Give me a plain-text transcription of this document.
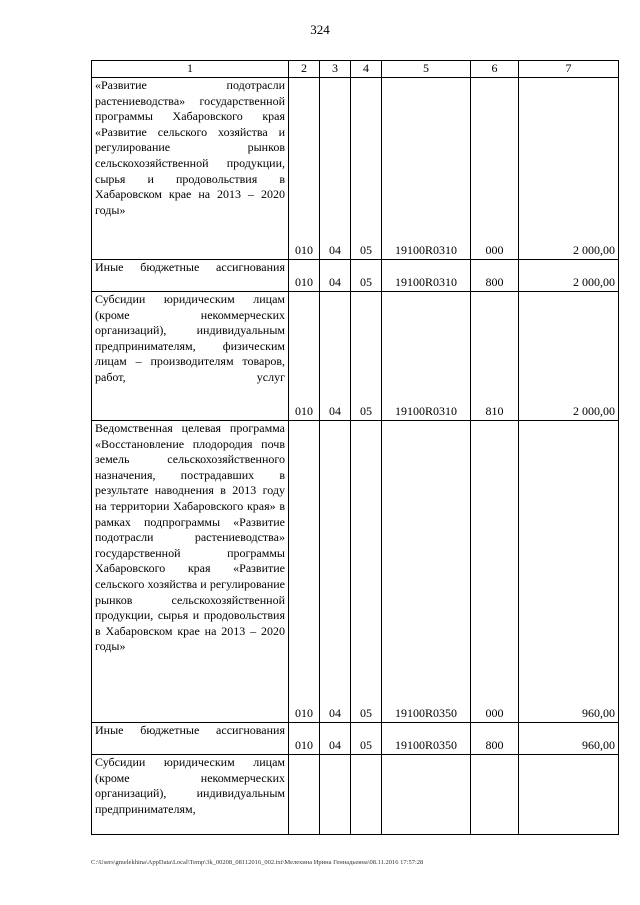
324
1	2	3	4	5	6	7
«Развитие подотрасли растениеводства» государственной программы Хабаровского края «Развитие сельского хозяйства и регулирование рынков сельскохозяйственной продукции, сырья и продовольствия в Хабаровском крае на 2013 – 2020 годы»	010	04	05	19100R0310	000	2 000,00
Иные бюджетные ассигнования	010	04	05	19100R0310	800	2 000,00
Субсидии юридическим лицам (кроме некоммерческих организаций), индивидуальным предпринимателям, физическим лицам – производителям товаров, работ, услуг	010	04	05	19100R0310	810	2 000,00
Ведомственная целевая программа «Восстановление плодородия почв земель сельскохозяйственного назначения, пострадавших в результате наводнения в 2013 году на территории Хабаровского края» в рамках подпрограммы «Развитие подотрасли растениеводства» государственной программы Хабаровского края «Развитие сельского хозяйства и регулирование рынков сельскохозяйственной продукции, сырья и продовольствия в Хабаровском крае на 2013 – 2020 годы»	010	04	05	19100R0350	000	960,00
Иные бюджетные ассигнования	010	04	05	19100R0350	800	960,00
Субсидии юридическим лицам (кроме некоммерческих организаций), индивидуальным предпринимателям,						
C:\Users\gmelekhina\AppData\Local\Temp\3k_00208_08112016_002.txt\Мелехина Ирина Геннадьевна\08.11.2016 17:57:28
